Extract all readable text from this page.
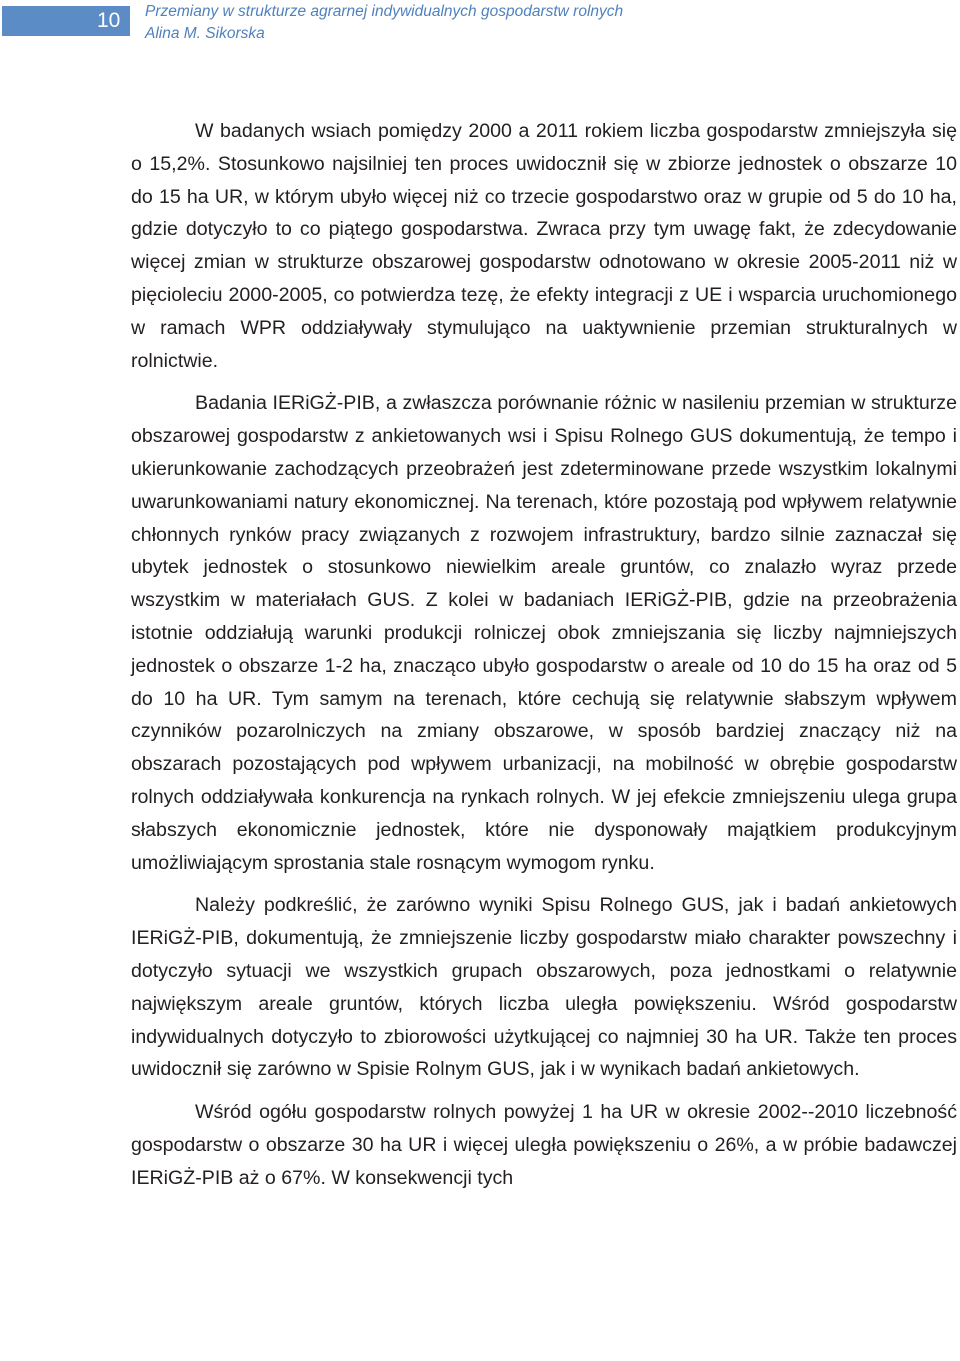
10	Przemiany w strukturze agrarnej indywidualnych gospodarstw rolnych
Alina M. Sikorska

W badanych wsiach pomiędzy 2000 a 2011 rokiem liczba gospodarstw zmniejszyła się o 15,2%. Stosunkowo najsilniej ten proces uwidocznił się w zbiorze jednostek o obszarze 10 do 15 ha UR, w którym ubyło więcej niż co trzecie gospodarstwo oraz w grupie od 5 do 10 ha, gdzie dotyczyło to co piątego gospodarstwa. Zwraca przy tym uwagę fakt, że zdecydowanie więcej zmian w strukturze obszarowej gospodarstw odnotowano w okresie 2005-2011 niż w pięcioleciu 2000-2005, co potwierdza tezę, że efekty integracji z UE i wsparcia uruchomionego w ramach WPR oddziaływały stymulująco na uaktywnienie przemian strukturalnych w rolnictwie.

Badania IERiGŻ-PIB, a zwłaszcza porównanie różnic w nasileniu przemian w strukturze obszarowej gospodarstw z ankietowanych wsi i Spisu Rolnego GUS dokumentują, że tempo i ukierunkowanie zachodzących przeobrażeń jest zdeterminowane przede wszystkim lokalnymi uwarunkowaniami natury ekonomicznej. Na terenach, które pozostają pod wpływem relatywnie chłonnych rynków pracy związanych z rozwojem infrastruktury, bardzo silnie zaznaczał się ubytek jednostek o stosunkowo niewielkim areale gruntów, co znalazło wyraz przede wszystkim w materiałach GUS. Z kolei w badaniach IERiGŻ-PIB, gdzie na przeobrażenia istotnie oddziałują warunki produkcji rolniczej obok zmniejszania się liczby najmniejszych jednostek o obszarze 1-2 ha, znacząco ubyło gospodarstw o areale od 10 do 15 ha oraz od 5 do 10 ha UR. Tym samym na terenach, które cechują się relatywnie słabszym wpływem czynników pozarolniczych na zmiany obszarowe, w sposób bardziej znaczący niż na obszarach pozostających pod wpływem urbanizacji, na mobilność w obrębie gospodarstw rolnych oddziaływała konkurencja na rynkach rolnych. W jej efekcie zmniejszeniu ulega grupa słabszych ekonomicznie jednostek, które nie dysponowały majątkiem produkcyjnym umożliwiającym sprostania stale rosnącym wymogom rynku.

Należy podkreślić, że zarówno wyniki Spisu Rolnego GUS, jak i badań ankietowych IERiGŻ-PIB, dokumentują, że zmniejszenie liczby gospodarstw miało charakter powszechny i dotyczyło sytuacji we wszystkich grupach obszarowych, poza jednostkami o relatywnie największym areale gruntów, których liczba uległa powiększeniu. Wśród gospodarstw indywidualnych dotyczyło to zbiorowości użytkującej co najmniej 30 ha UR. Także ten proces uwidocznił się zarówno w Spisie Rolnym GUS, jak i w wynikach badań ankietowych.

Wśród ogółu gospodarstw rolnych powyżej 1 ha UR w okresie 2002--2010 liczebność gospodarstw o obszarze 30 ha UR i więcej uległa powiększeniu o 26%, a w próbie badawczej IERiGŻ-PIB aż o 67%. W konsekwencji tych
